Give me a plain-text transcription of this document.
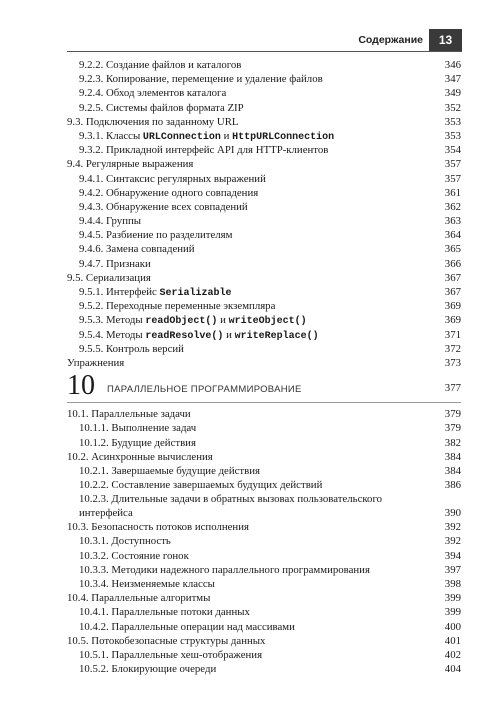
Содержание 13
9.2.2. Создание файлов и каталогов	346
9.2.3. Копирование, перемещение и удаление файлов	347
9.2.4. Обход элементов каталога	349
9.2.5. Системы файлов формата ZIP	352
9.3. Подключения по заданному URL	353
9.3.1. Классы URLConnection и HttpURLConnection	353
9.3.2. Прикладной интерфейс API для HTTP-клиентов	354
9.4. Регулярные выражения	357
9.4.1. Синтаксис регулярных выражений	357
9.4.2. Обнаружение одного совпадения	361
9.4.3. Обнаружение всех совпадений	362
9.4.4. Группы	363
9.4.5. Разбиение по разделителям	364
9.4.6. Замена совпадений	365
9.4.7. Признаки	366
9.5. Сериализация	367
9.5.1. Интерфейс Serializable	367
9.5.2. Переходные переменные экземпляра	369
9.5.3. Методы readObject() и writeObject()	369
9.5.4. Методы readResolve() и writeReplace()	371
9.5.5. Контроль версий	372
Упражнения	373
10 ПАРАЛЛЕЛЬНОЕ ПРОГРАММИРОВАНИЕ	377
10.1. Параллельные задачи	379
10.1.1. Выполнение задач	379
10.1.2. Будущие действия	382
10.2. Асинхронные вычисления	384
10.2.1. Завершаемые будущие действия	384
10.2.2. Составление завершаемых будущих действий	386
10.2.3. Длительные задачи в обратных вызовах пользовательского интерфейса	390
10.3. Безопасность потоков исполнения	392
10.3.1. Доступность	392
10.3.2. Состояние гонок	394
10.3.3. Методики надежного параллельного программирования	397
10.3.4. Неизменяемые классы	398
10.4. Параллельные алгоритмы	399
10.4.1. Параллельные потоки данных	399
10.4.2. Параллельные операции над массивами	400
10.5. Потокобезопасные структуры данных	401
10.5.1. Параллельные хеш-отображения	402
10.5.2. Блокирующие очереди	404
